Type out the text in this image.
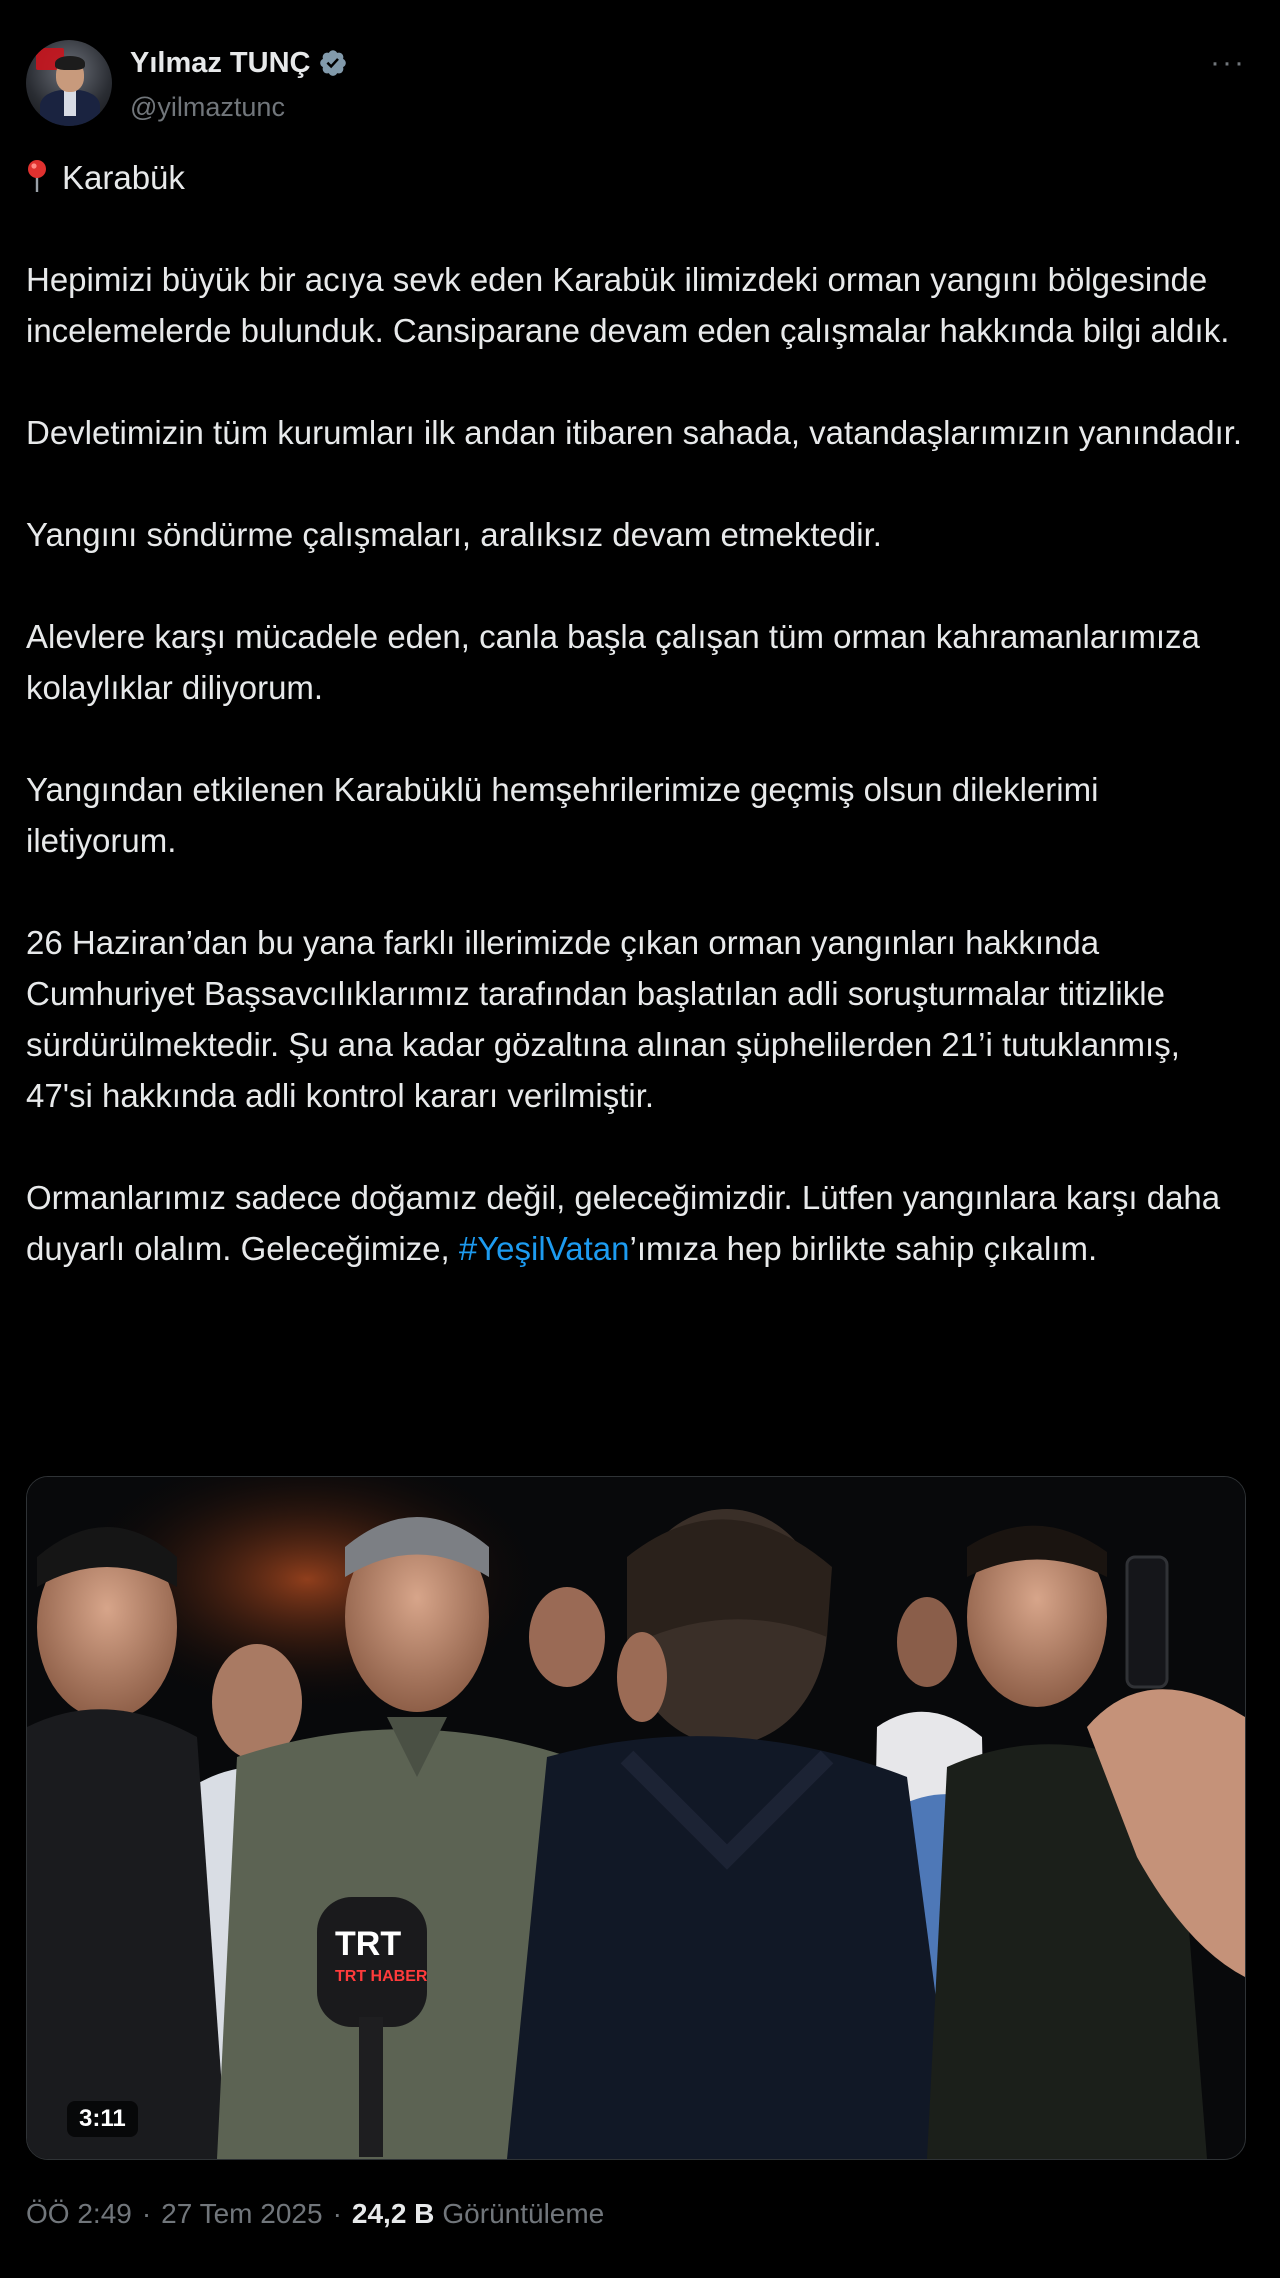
Yılmaz TUNÇ
@yilmaztunc
···

Karabük

Hepimizi büyük bir acıya sevk eden Karabük ilimizdeki orman yangını bölgesinde incelemelerde bulunduk. Cansiparane devam eden çalışmalar hakkında bilgi aldık.

Devletimizin tüm kurumları ilk andan itibaren sahada, vatandaşlarımızın yanındadır.

Yangını söndürme çalışmaları, aralıksız devam etmektedir.

Alevlere karşı mücadele eden, canla başla çalışan tüm orman kahramanlarımıza kolaylıklar diliyorum.

Yangından etkilenen Karabüklü hemşehrilerimize geçmiş olsun dileklerimi iletiyorum.

26 Haziran’dan bu yana farklı illerimizde çıkan orman yangınları hakkında Cumhuriyet Başsavcılıklarımız tarafından başlatılan adli soruşturmalar titizlikle sürdürülmektedir. Şu ana kadar gözaltına alınan şüphelilerden 21’i tutuklanmış, 47'si hakkında adli kontrol kararı verilmiştir.

Ormanlarımız sadece doğamız değil, geleceğimizdir. Lütfen yangınlara karşı daha duyarlı olalım. Geleceğimize, #YeşilVatan’ımıza hep birlikte sahip çıkalım.

TRT
TRT HABER
3:11
ÖÖ 2:49 · 27 Tem 2025 · 24,2 B Görüntüleme
